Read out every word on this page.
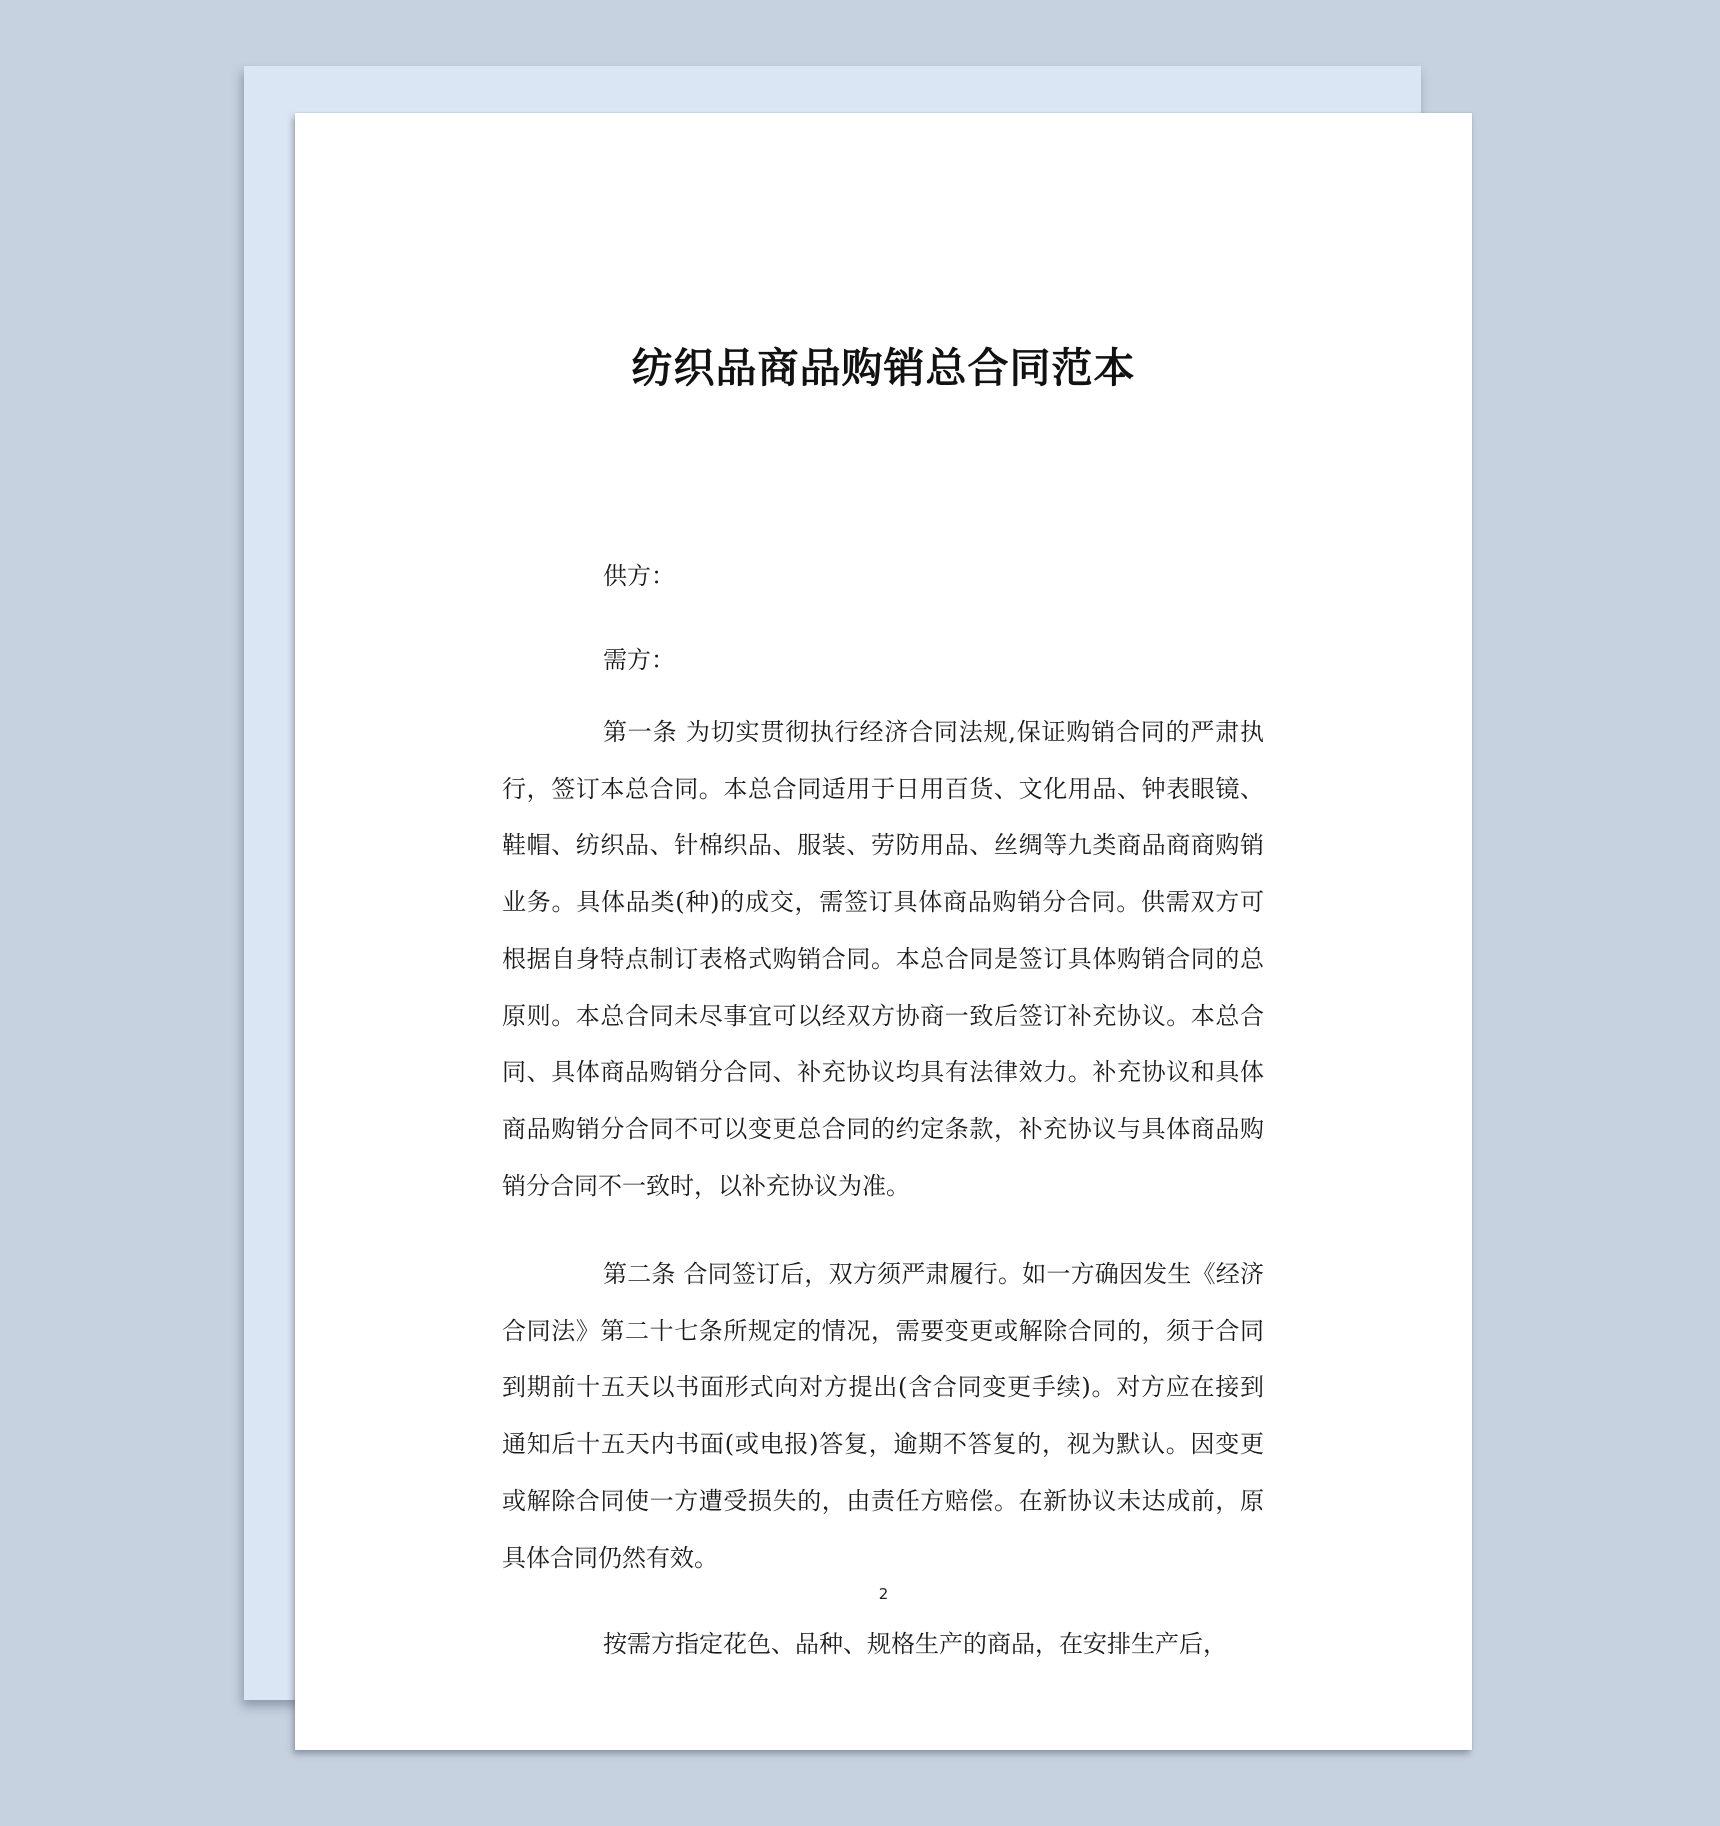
纺织品商品购销总合同范本
供方：
需方：

第一条 为切实贯彻执行经济合同法规,保证购销合同的严肃执行，签订本总合同。本总合同适用于日用百货、文化用品、钟表眼镜、鞋帽、纺织品、针棉织品、服装、劳防用品、丝绸等九类商品商商购销业务。具体品类(种)的成交，需签订具体商品购销分合同。供需双方可根据自身特点制订表格式购销合同。本总合同是签订具体购销合同的总原则。本总合同未尽事宜可以经双方协商一致后签订补充协议。本总合同、具体商品购销分合同、补充协议均具有法律效力。补充协议和具体商品购销分合同不可以变更总合同的约定条款，补充协议与具体商品购销分合同不一致时，以补充协议为准。

第二条 合同签订后，双方须严肃履行。如一方确因发生《经济合同法》第二十七条所规定的情况，需要变更或解除合同的，须于合同到期前十五天以书面形式向对方提出(含合同变更手续)。对方应在接到通知后十五天内书面(或电报)答复，逾期不答复的，视为默认。因变更或解除合同使一方遭受损失的，由责任方赔偿。在新协议未达成前，原具体合同仍然有效。

按需方指定花色、品种、规格生产的商品，在安排生产后，

2
